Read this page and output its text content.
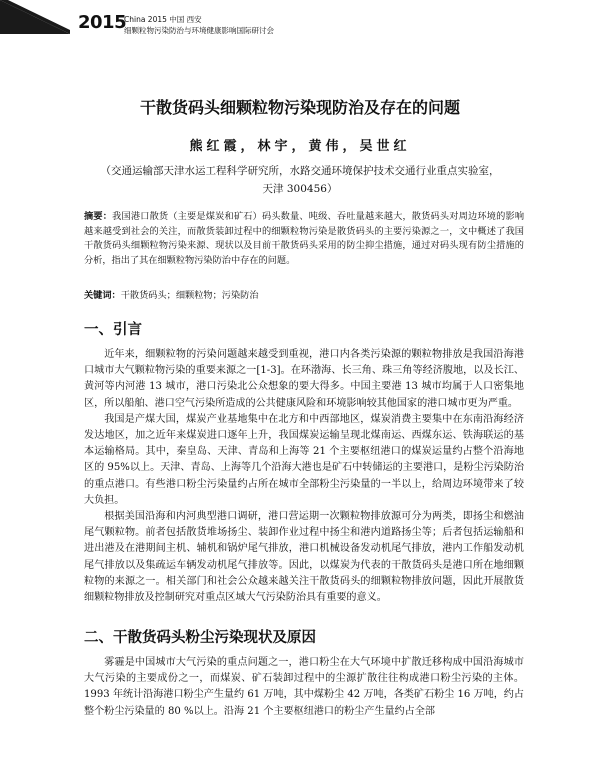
2015
China 2015 中国 西安
细颗粒物污染防治与环境健康影响国际研讨会
干散货码头细颗粒物污染现防治及存在的问题
熊红霞，林宇，黄伟，吴世红
（交通运输部天津水运工程科学研究所，水路交通环境保护技术交通行业重点实验室，天津 300456）
摘要：我国港口散货（主要是煤炭和矿石）码头数量、吨级、吞吐量越来越大，散货码头对周边环境的影响越来越受到社会的关注，而散货装卸过程中的细颗粒物污染是散货码头的主要污染源之一，文中概述了我国干散货码头细颗粒物污染来源、现状以及目前干散货码头采用的防尘抑尘措施，通过对码头现有防尘措施的分析，指出了其在细颗粒物污染防治中存在的问题。
关键词：干散货码头；细颗粒物；污染防治
一、引言

近年来，细颗粒物的污染问题越来越受到重视，港口内各类污染源的颗粒物排放是我国沿海港口城市大气颗粒物污染的重要来源之一[1-3]。在环渤海、长三角、珠三角等经济腹地，以及长江、黄河等内河港 13 城市，港口污染北公众想象的要大得多。中国主要港 13 城市均属于人口密集地区，所以船舶、港口空气污染所造成的公共健康风险和环境影响较其他国家的港口城市更为严重。

我国是产煤大国，煤炭产业基地集中在北方和中西部地区，煤炭消费主要集中在东南沿海经济发达地区，加之近年来煤炭进口逐年上升，我国煤炭运输呈现北煤南运、西煤东运、铁海联运的基本运输格局。其中，秦皇岛、天津、青岛和上海等 21 个主要枢纽港口的煤炭运量约占整个沿海地区的 95%以上。天津、青岛、上海等几个沿海大港也是矿石中转储运的主要港口，是粉尘污染防治的重点港口。有些港口粉尘污染量约占所在城市全部粉尘污染量的一半以上，给周边环境带来了较大负担。

根据美国沿海和内河典型港口调研，港口营运期一次颗粒物排放源可分为两类，即扬尘和燃油尾气颗粒物。前者包括散货堆场扬尘、装卸作业过程中扬尘和港内道路扬尘等；后者包括运输船和进出港及在港期间主机、辅机和锅炉尾气排放，港口机械设备发动机尾气排放，港内工作船发动机尾气排放以及集疏运车辆发动机尾气排放等。因此，以煤炭为代表的干散货码头是港口所在地细颗粒物的来源之一。相关部门和社会公众越来越关注干散货码头的细颗粒物排放问题，因此开展散货细颗粒物排放及控制研究对重点区域大气污染防治具有重要的意义。

二、干散货码头粉尘污染现状及原因

雾霾是中国城市大气污染的重点问题之一，港口粉尘在大气环境中扩散迁移构成中国沿海城市大气污染的主要成份之一，而煤炭、矿石装卸过程中的尘源扩散往往构成港口粉尘污染的主体。1993 年统计沿海港口粉尘产生量约 61 万吨，其中煤粉尘 42 万吨，各类矿石粉尘 16 万吨，约占整个粉尘污染量的 80 %以上。沿海 21 个主要枢纽港口的粉尘产生量约占全部
